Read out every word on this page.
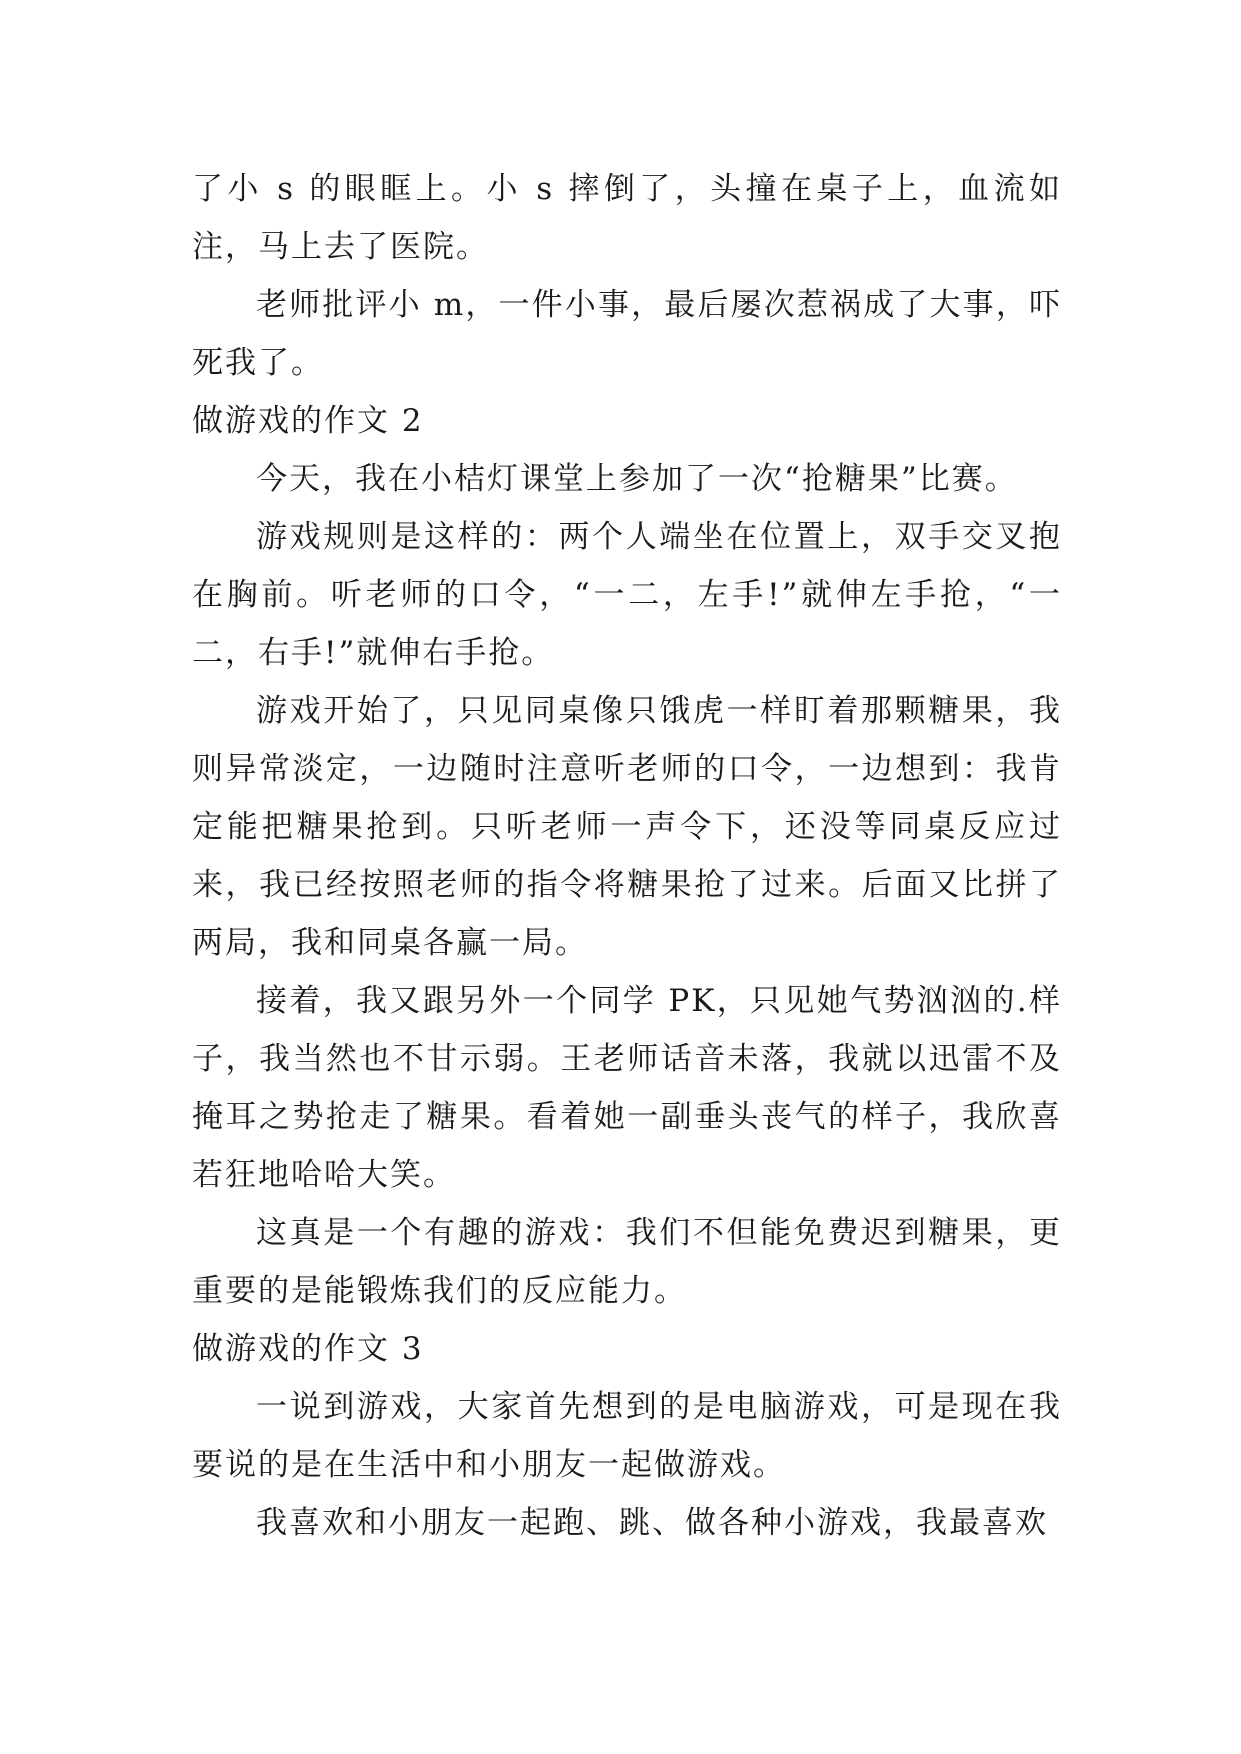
了小 s 的眼眶上。小 s 摔倒了，头撞在桌子上，血流如注，马上去了医院。

老师批评小 m，一件小事，最后屡次惹祸成了大事，吓死我了。

做游戏的作文 2

今天，我在小桔灯课堂上参加了一次“抢糖果”比赛。

游戏规则是这样的：两个人端坐在位置上，双手交叉抱在胸前。听老师的口令，“一二，左手!”就伸左手抢，“一二，右手!”就伸右手抢。

游戏开始了，只见同桌像只饿虎一样盯着那颗糖果，我则异常淡定，一边随时注意听老师的口令，一边想到：我肯定能把糖果抢到。只听老师一声令下，还没等同桌反应过来，我已经按照老师的指令将糖果抢了过来。后面又比拼了两局，我和同桌各赢一局。

接着，我又跟另外一个同学 PK，只见她气势汹汹的.样子，我当然也不甘示弱。王老师话音未落，我就以迅雷不及掩耳之势抢走了糖果。看着她一副垂头丧气的样子，我欣喜若狂地哈哈大笑。

这真是一个有趣的游戏：我们不但能免费迟到糖果，更重要的是能锻炼我们的反应能力。

做游戏的作文 3

一说到游戏，大家首先想到的是电脑游戏，可是现在我要说的是在生活中和小朋友一起做游戏。

我喜欢和小朋友一起跑、跳、做各种小游戏，我最喜欢
